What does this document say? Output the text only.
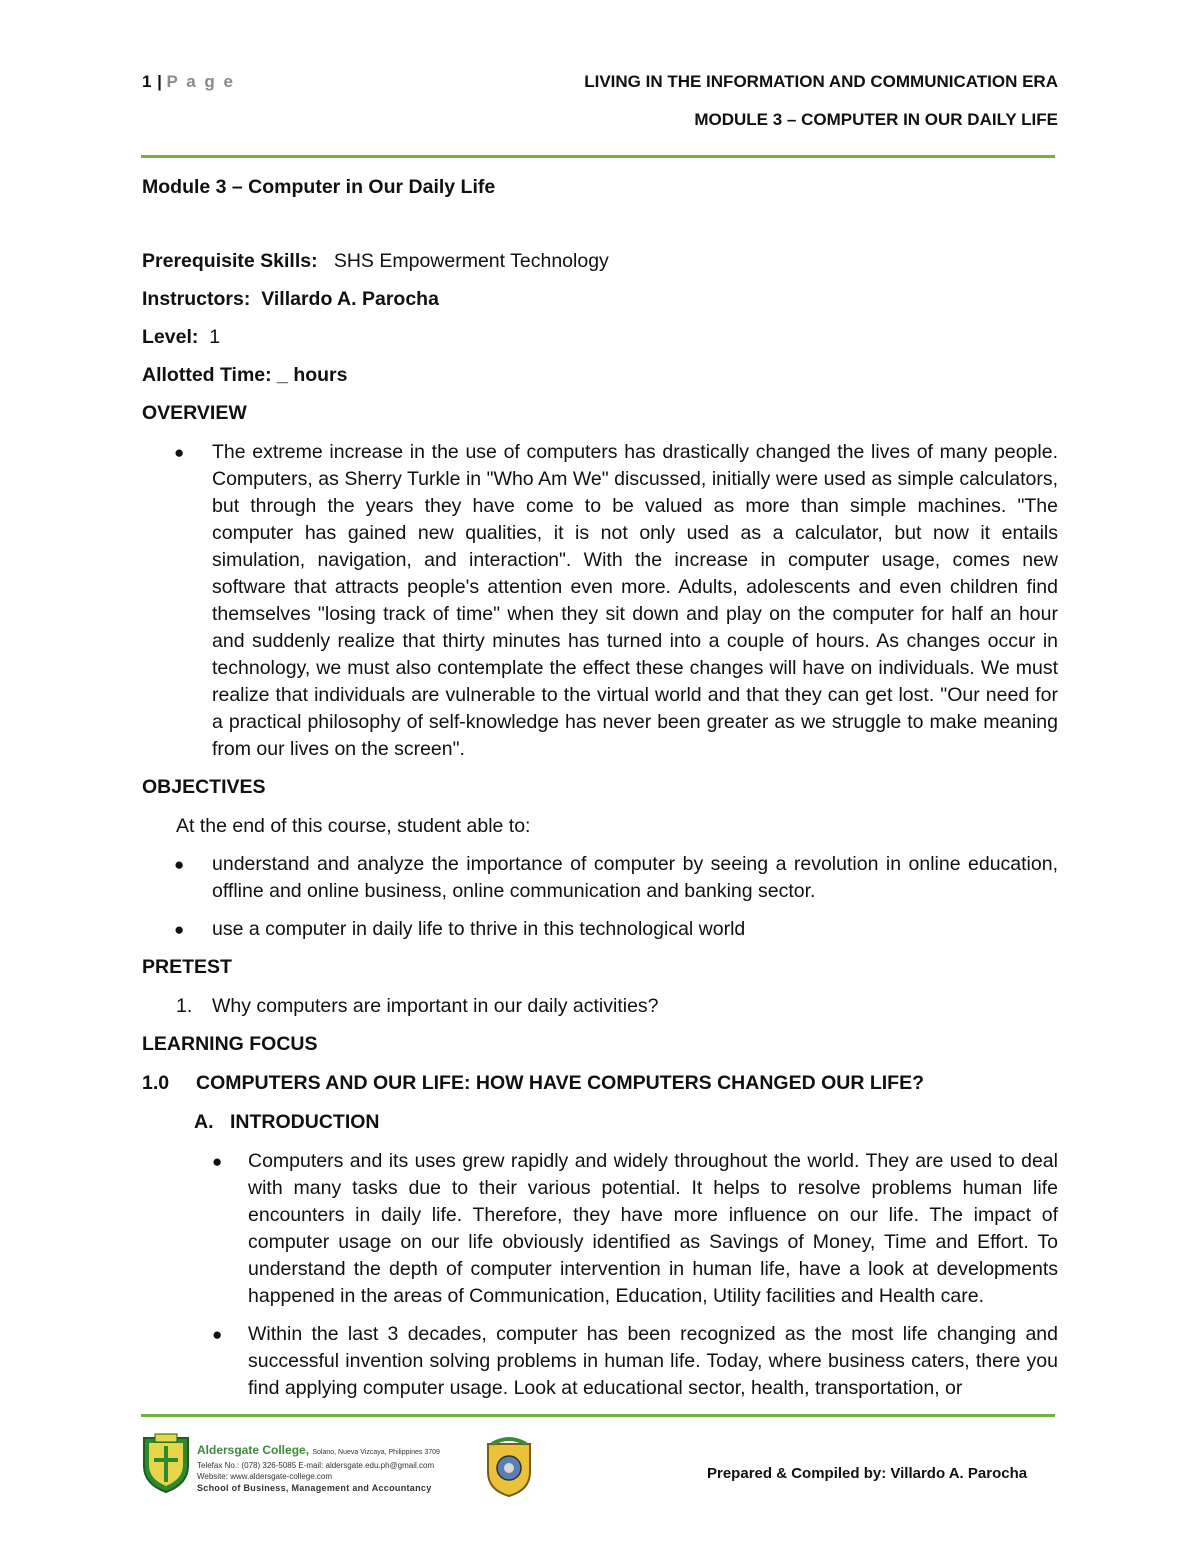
1 | P a g e	LIVING IN THE INFORMATION AND COMMUNICATION ERA
MODULE 3 – COMPUTER IN OUR DAILY LIFE
Module 3 – Computer in Our Daily Life
Prerequisite Skills: SHS Empowerment Technology
Instructors: Villardo A. Parocha
Level: 1
Allotted Time: _ hours
OVERVIEW
● The extreme increase in the use of computers has drastically changed the lives of many people. Computers, as Sherry Turkle in "Who Am We" discussed, initially were used as simple calculators, but through the years they have come to be valued as more than simple machines. "The computer has gained new qualities, it is not only used as a calculator, but now it entails simulation, navigation, and interaction". With the increase in computer usage, comes new software that attracts people's attention even more. Adults, adolescents and even children find themselves "losing track of time" when they sit down and play on the computer for half an hour and suddenly realize that thirty minutes has turned into a couple of hours. As changes occur in technology, we must also contemplate the effect these changes will have on individuals. We must realize that individuals are vulnerable to the virtual world and that they can get lost. "Our need for a practical philosophy of self-knowledge has never been greater as we struggle to make meaning from our lives on the screen".
OBJECTIVES
At the end of this course, student able to:
● understand and analyze the importance of computer by seeing a revolution in online education, offline and online business, online communication and banking sector.
● use a computer in daily life to thrive in this technological world
PRETEST
1. Why computers are important in our daily activities?
LEARNING FOCUS
1.0 COMPUTERS AND OUR LIFE: HOW HAVE COMPUTERS CHANGED OUR LIFE?
A. INTRODUCTION
● Computers and its uses grew rapidly and widely throughout the world. They are used to deal with many tasks due to their various potential. It helps to resolve problems human life encounters in daily life. Therefore, they have more influence on our life. The impact of computer usage on our life obviously identified as Savings of Money, Time and Effort. To understand the depth of computer intervention in human life, have a look at developments happened in the areas of Communication, Education, Utility facilities and Health care.
● Within the last 3 decades, computer has been recognized as the most life changing and successful invention solving problems in human life. Today, where business caters, there you find applying computer usage. Look at educational sector, health, transportation, or
Aldersgate College, Solano, Nueva Vizcaya, Philippines 3709
Telefax No.: (078) 326-5085 E-mail: aldersgate.edu.ph@gmail.com
Website: www.aldersgate-college.com
School of Business, Management and Accountancy
Prepared & Compiled by: Villardo A. Parocha
